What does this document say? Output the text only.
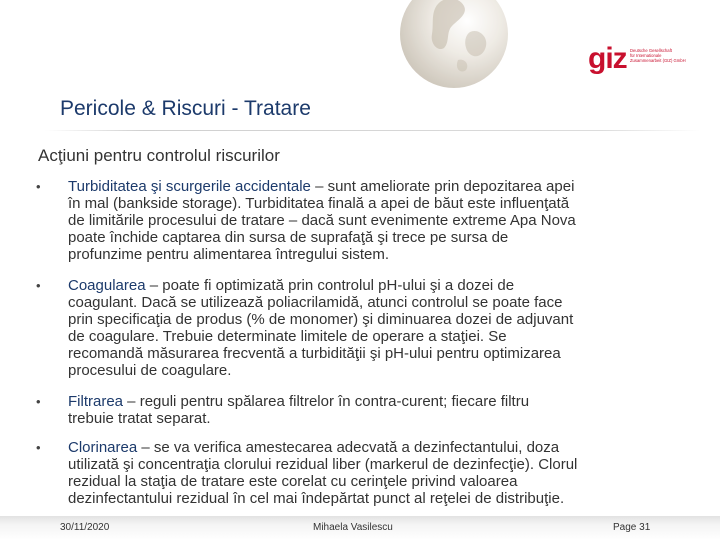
giz Deutsche Gesellschaft
für Internationale
Zusammenarbeit (GIZ) GmbH
Pericole & Riscuri - Tratare
Acţiuni pentru controlul riscurilor
• Turbiditatea şi scurgerile accidentale – sunt ameliorate prin depozitarea apei
în mal (bankside storage). Turbiditatea finală a apei de băut este influenţată
de limitările procesului de tratare – dacă sunt evenimente extreme Apa Nova
poate închide captarea din sursa de suprafaţă şi trece pe sursa de
profunzime pentru alimentarea întregului sistem.
• Coagularea – poate fi optimizată prin controlul pH-ului şi a dozei de
coagulant. Dacă se utilizează poliacrilamidă, atunci controlul se poate face
prin specificaţia de produs (% de monomer) şi diminuarea dozei de adjuvant
de coagulare. Trebuie determinate limitele de operare a staţiei. Se
recomandă măsurarea frecventă a turbidităţii şi pH-ului pentru optimizarea
procesului de coagulare.
• Filtrarea – reguli pentru spălarea filtrelor în contra-curent; fiecare filtru
trebuie tratat separat.
• Clorinarea – se va verifica amestecarea adecvată a dezinfectantului, doza
utilizată şi concentraţia clorului rezidual liber (markerul de dezinfecţie). Clorul
rezidual la staţia de tratare este corelat cu cerinţele privind valoarea
dezinfectantului rezidual în cel mai îndepărtat punct al reţelei de distribuţie.
30/11/2020	Mihaela Vasilescu	Page 31
